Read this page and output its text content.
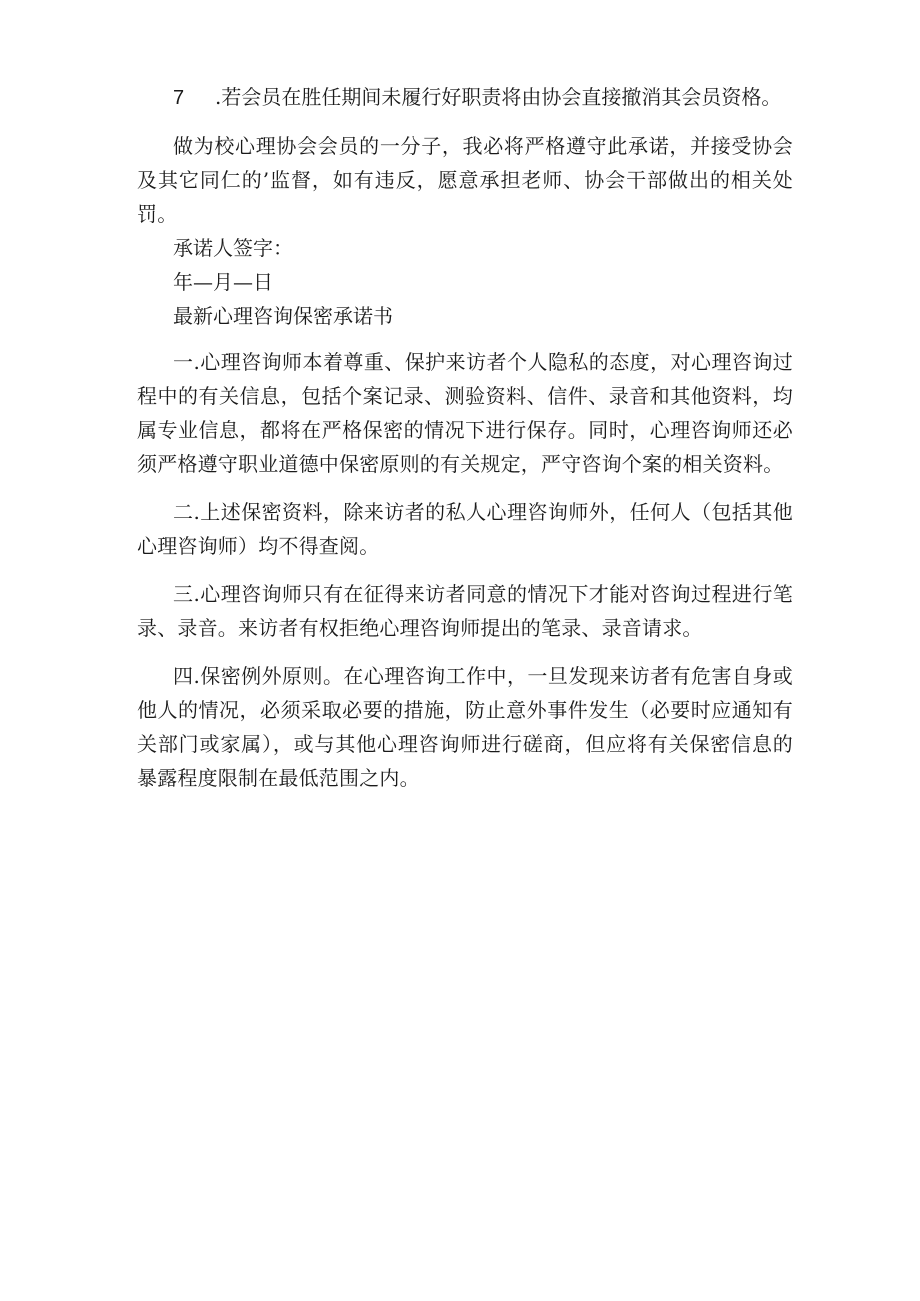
7	.若会员在胜任期间未履行好职责将由协会直接撤消其会员资格。

做为校心理协会会员的一分子，我必将严格遵守此承诺，并接受协会及其它同仁的’监督，如有违反，愿意承担老师、协会干部做出的相关处罚。

承诺人签字：

年—月—日

最新心理咨询保密承诺书

一.心理咨询师本着尊重、保护来访者个人隐私的态度，对心理咨询过程中的有关信息，包括个案记录、测验资料、信件、录音和其他资料，均属专业信息，都将在严格保密的情况下进行保存。同时，心理咨询师还必须严格遵守职业道德中保密原则的有关规定，严守咨询个案的相关资料。

二.上述保密资料，除来访者的私人心理咨询师外，任何人（包括其他心理咨询师）均不得查阅。

三.心理咨询师只有在征得来访者同意的情况下才能对咨询过程进行笔录、录音。来访者有权拒绝心理咨询师提出的笔录、录音请求。

四.保密例外原则。在心理咨询工作中，一旦发现来访者有危害自身或他人的情况，必须采取必要的措施，防止意外事件发生（必要时应通知有关部门或家属），或与其他心理咨询师进行磋商，但应将有关保密信息的暴露程度限制在最低范围之内。
